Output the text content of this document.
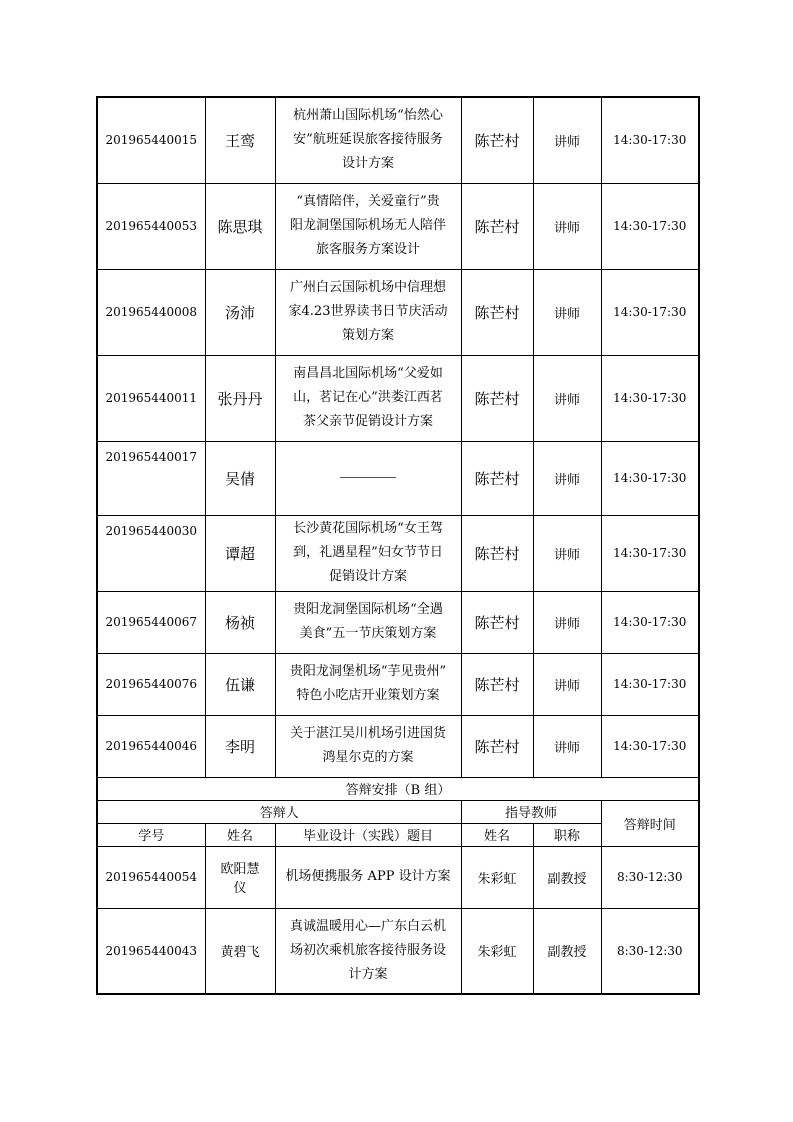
201965440015	王鸾	杭州萧山国际机场“怡然心
安”航班延误旅客接待服务
设计方案	陈芒村	讲师	14:30-17:30
201965440053	陈思琪	“真情陪伴，关爱童行”贵
阳龙洞堡国际机场无人陪伴
旅客服务方案设计	陈芒村	讲师	14:30-17:30
201965440008	汤沛	广州白云国际机场中信理想
家4.23世界读书日节庆活动
策划方案	陈芒村	讲师	14:30-17:30
201965440011	张丹丹	南昌昌北国际机场“父爱如
山，茗记在心”洪娄江西茗
茶父亲节促销设计方案	陈芒村	讲师	14:30-17:30
201965440017	吴倩		陈芒村	讲师	14:30-17:30
201965440030	谭超	长沙黄花国际机场“女王驾
到，礼遇星程”妇女节节日
促销设计方案	陈芒村	讲师	14:30-17:30
201965440067	杨祯	贵阳龙洞堡国际机场“全遇
美食”五一节庆策划方案	陈芒村	讲师	14:30-17:30
201965440076	伍谦	贵阳龙洞堡机场“芋见贵州”
特色小吃店开业策划方案	陈芒村	讲师	14:30-17:30
201965440046	李明	关于湛江吴川机场引进国货
鸿星尔克的方案	陈芒村	讲师	14:30-17:30
答辩安排（B 组）					
答辩人			指导教师		答辩时间
学号	姓名	毕业设计（实践）题目	姓名	职称	
201965440054	欧阳慧
仪	机场便携服务 APP 设计方案	朱彩虹	副教授	8:30-12:30
201965440043	黄碧飞	真诚温暖用心—广东白云机
场初次乘机旅客接待服务设
计方案	朱彩虹	副教授	8:30-12:30
